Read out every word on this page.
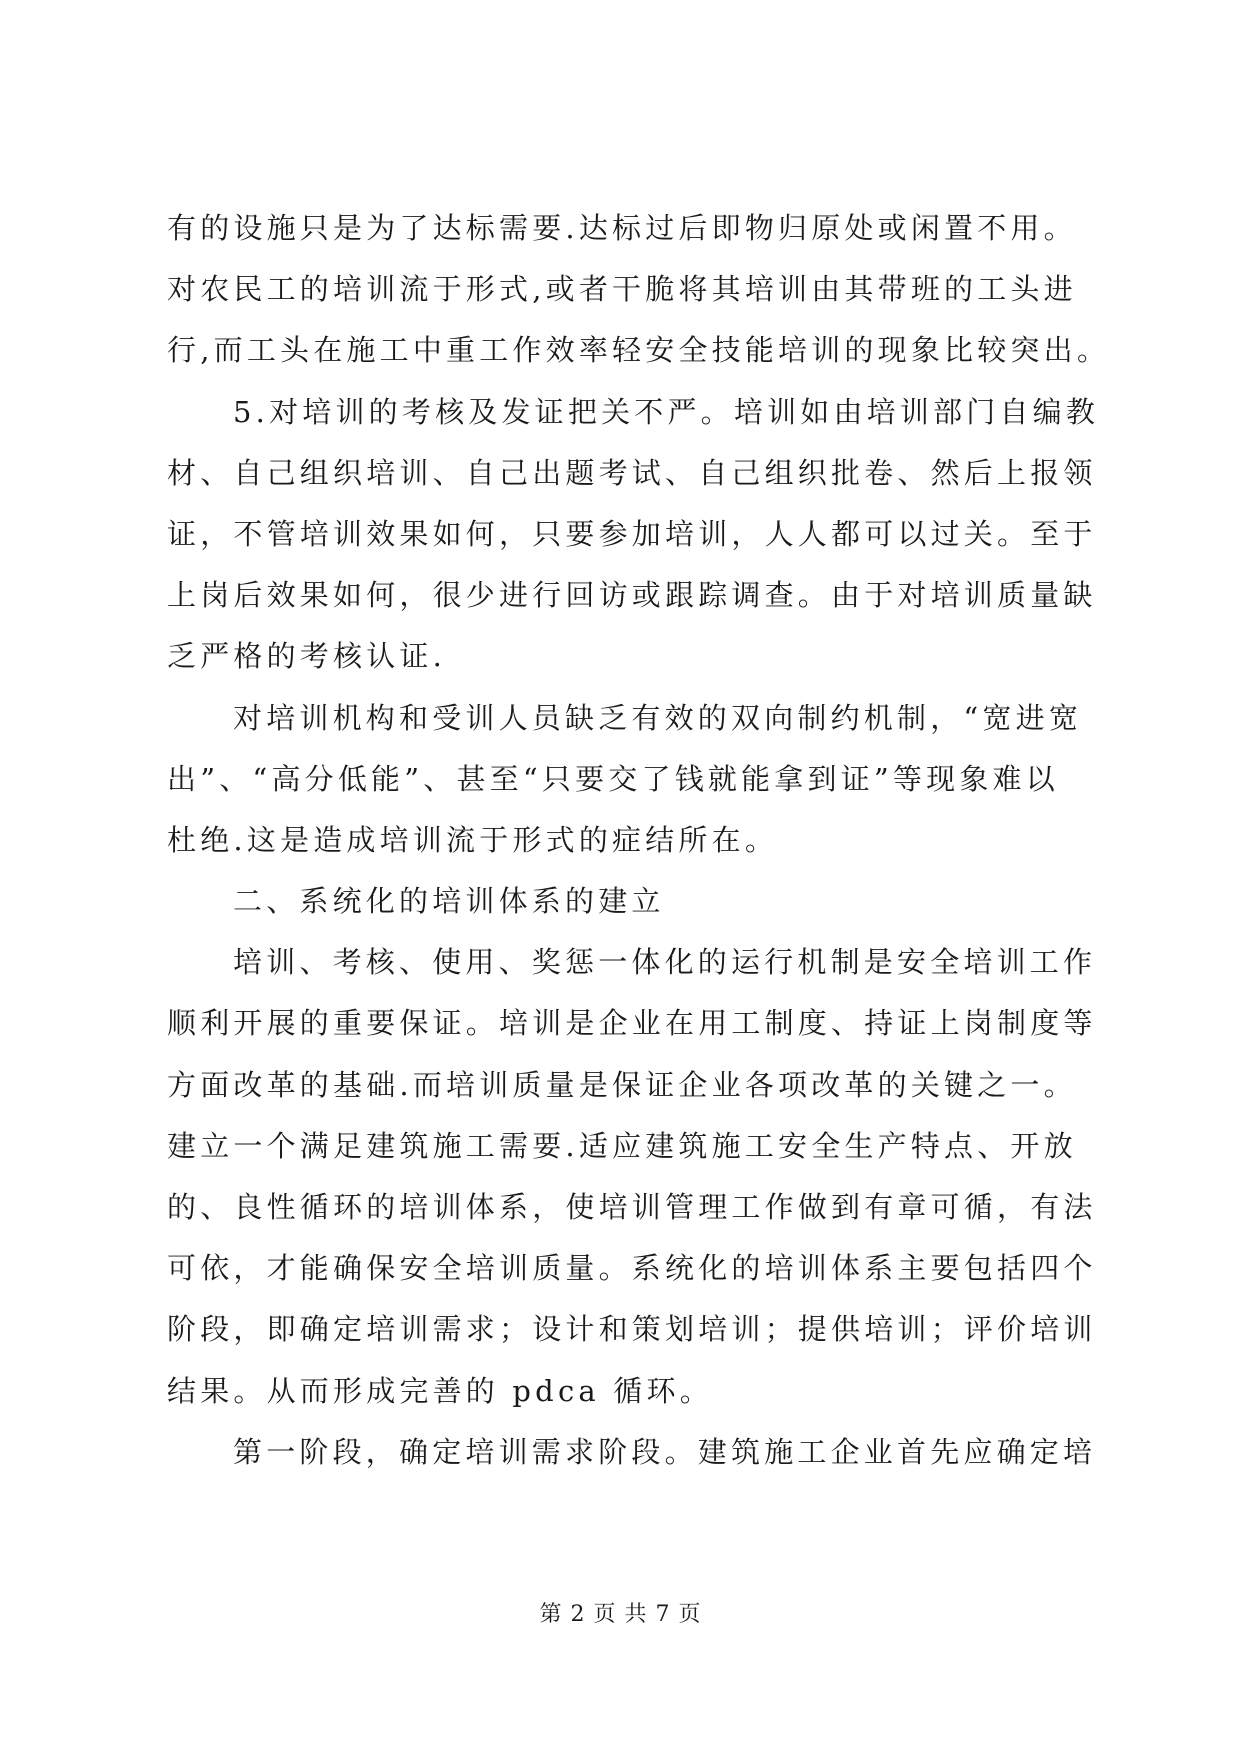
有的设施只是为了达标需要.达标过后即物归原处或闲置不用。

对农民工的培训流于形式,或者干脆将其培训由其带班的工头进

行,而工头在施工中重工作效率轻安全技能培训的现象比较突出。

5.对培训的考核及发证把关不严。培训如由培训部门自编教

材、自己组织培训、自己出题考试、自己组织批卷、然后上报领

证，不管培训效果如何，只要参加培训，人人都可以过关。至于

上岗后效果如何，很少进行回访或跟踪调查。由于对培训质量缺

乏严格的考核认证.

对培训机构和受训人员缺乏有效的双向制约机制，“宽进宽

出”、“高分低能”、甚至“只要交了钱就能拿到证”等现象难以

杜绝.这是造成培训流于形式的症结所在。

二、系统化的培训体系的建立

培训、考核、使用、奖惩一体化的运行机制是安全培训工作

顺利开展的重要保证。培训是企业在用工制度、持证上岗制度等

方面改革的基础.而培训质量是保证企业各项改革的关键之一。

建立一个满足建筑施工需要.适应建筑施工安全生产特点、开放

的、良性循环的培训体系，使培训管理工作做到有章可循，有法

可依，才能确保安全培训质量。系统化的培训体系主要包括四个

阶段，即确定培训需求；设计和策划培训；提供培训；评价培训

结果。从而形成完善的 pdca 循环。

第一阶段，确定培训需求阶段。建筑施工企业首先应确定培

第 2 页 共 7 页
